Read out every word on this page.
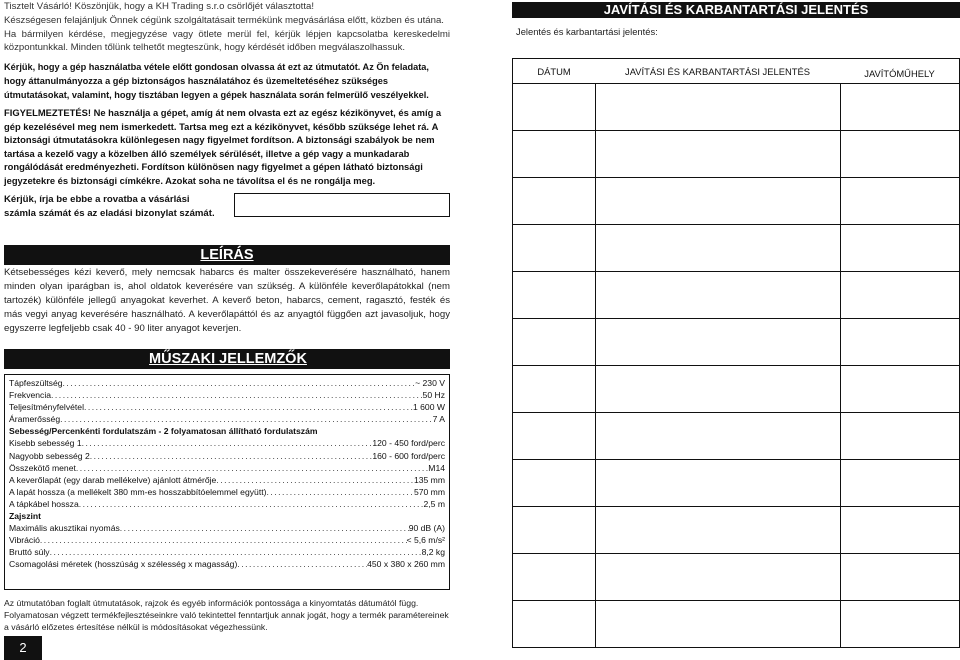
Tisztelt Vásárló! Köszönjük, hogy a KH Trading s.r.o csörlőjét választotta!

Készségesen felajánljuk Önnek cégünk szolgáltatásait termékünk megvásárlása előtt, közben és utána.

Ha bármilyen kérdése, megjegyzése vagy ötlete merül fel, kérjük lépjen kapcsolatba kereskedelmi központunkkal. Minden tőlünk telhetőt megteszünk, hogy kérdését időben megválaszolhassuk.

Kérjük, hogy a gép használatba vétele előtt gondosan olvassa át ezt az útmutatót. Az Ön feladata, hogy áttanulmányozza a gép biztonságos használatához és üzemeltetéséhez szükséges útmutatásokat, valamint, hogy tisztában legyen a gépek használata során felmerülő veszélyekkel.

FIGYELMEZTETÉS! Ne használja a gépet, amíg át nem olvasta ezt az egész kézikönyvet, és amíg a gép kezelésével meg nem ismerkedett. Tartsa meg ezt a kézikönyvet, később szüksége lehet rá. A biztonsági útmutatásokra különlegesen nagy figyelmet fordítson. A biztonsági szabályok be nem tartása a kezelő vagy a közelben álló személyek sérülését, illetve a gép vagy a munkadarab rongálódását eredményezheti. Fordítson különösen nagy figyelmet a gépen látható biztonsági jegyzetekre és biztonsági címkékre. Azokat soha ne távolítsa el és ne rongálja meg.

Kérjük, írja be ebbe a rovatba a vásárlási számla számát és az eladási bizonylat számát.

LEÍRÁS

Kétsebességes kézi keverő, mely nemcsak habarcs és malter összekeverésére használható, hanem minden olyan iparágban is, ahol oldatok keverésére van szükség. A különféle keverőlapátokkal (nem tartozék) különféle jellegű anyagokat keverhet. A keverő beton, habarcs, cement, ragasztó, festék és más vegyi anyag keverésére használható. A keverőlapáttól és az anyagtól függően azt javasoljuk, hogy egyszerre legfeljebb csak 40 - 90 liter anyagot keverjen.

MŰSZAKI JELLEMZŐK
Tápfeszültség .....	~ 230 V
Frekvencia .....	50 Hz
Teljesítményfelvétel .....	1 600 W
Áramerősség .....	7 A
Sebesség/Percenkénti fordulatszám - 2 folyamatosan állítható fordulatszám
Kisebb sebesség 1 .....	120 - 450 ford/perc
Nagyobb sebesség 2 .....	160 - 600 ford/perc
Összekötő menet .....	M14
A keverőlapát (egy darab mellékelve) ajánlott átmérője .....	135 mm
A lapát hossza (a mellékelt 380 mm-es hosszabbítóelemmel együtt) .....	570 mm
A tápkábel hossza .....	2,5 m
Zajszint
Maximális akusztikai nyomás .....	90 dB (A)
Vibráció .....	< 5,6 m/s²
Bruttó súly .....	8,2 kg
Csomagolási méretek (hosszúság x szélesség x magasság) .....	450 x 380 x 260 mm

Az útmutatóban foglalt útmutatások, rajzok és egyéb információk pontossága a kinyomtatás dátumától függ. Folyamatosan végzett termékfejlesztéseinkre való tekintettel fenntartjuk annak jogát, hogy a termék paramétereinek a vásárló előzetes értesítése nélkül is módosításokat végezhessünk.

2
JAVÍTÁSI ÉS KARBANTARTÁSI JELENTÉS
Jelentés és karbantartási jelentés:
DÁTUM	JAVÍTÁSI ÉS KARBANTARTÁSI JELENTÉS	JAVÍTÓMŰHELY
